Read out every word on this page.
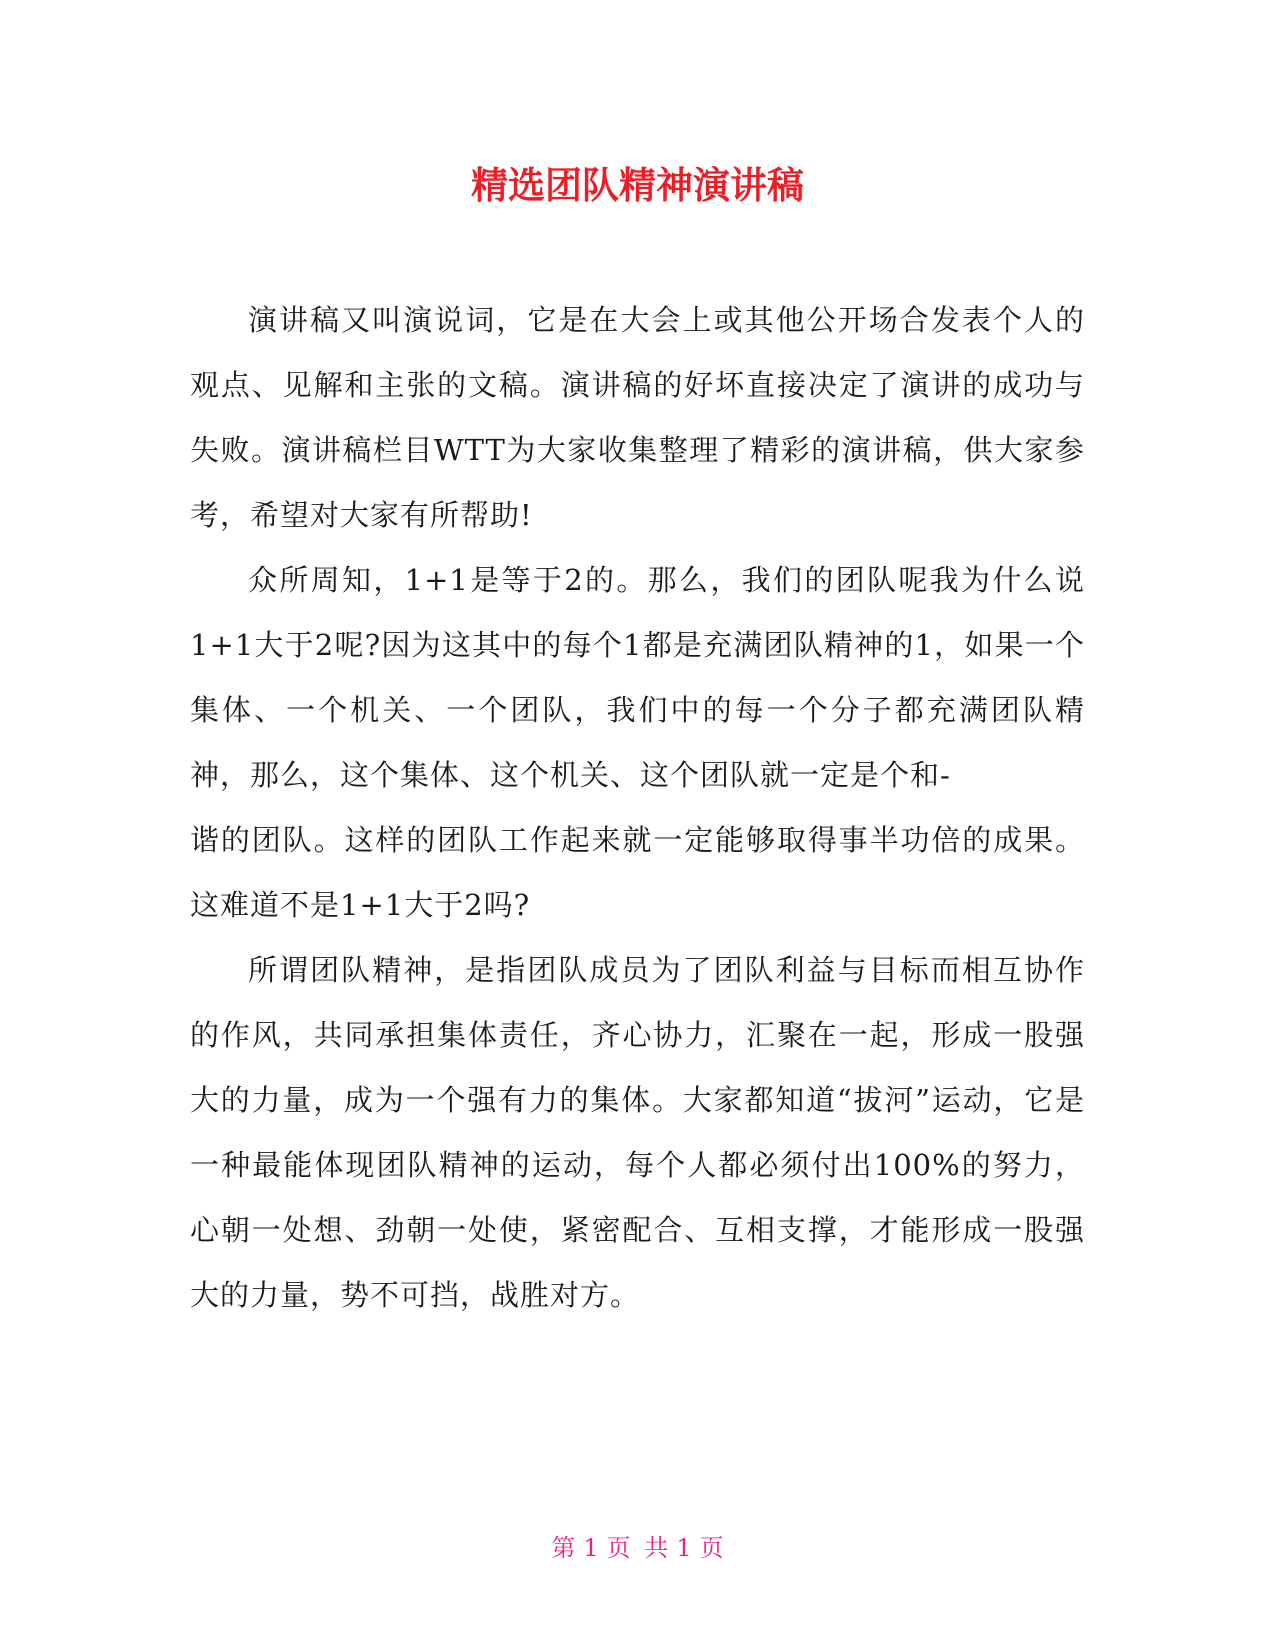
精选团队精神演讲稿

演讲稿又叫演说词，它是在大会上或其他公开场合发表个人的观点、见解和主张的文稿。演讲稿的好坏直接决定了演讲的成功与失败。演讲稿栏目WTT为大家收集整理了精彩的演讲稿，供大家参考，希望对大家有所帮助!

众所周知，1+1是等于2的。那么，我们的团队呢我为什么说1+1大于2呢?因为这其中的每个1都是充满团队精神的1，如果一个集体、一个机关、一个团队，我们中的每一个分子都充满团队精神，那么，这个集体、这个机关、这个团队就一定是个和-

谐的团队。这样的团队工作起来就一定能够取得事半功倍的成果。这难道不是1+1大于2吗?

所谓团队精神，是指团队成员为了团队利益与目标而相互协作的作风，共同承担集体责任，齐心协力，汇聚在一起，形成一股强大的力量，成为一个强有力的集体。大家都知道“拔河”运动，它是一种最能体现团队精神的运动，每个人都必须付出100%的努力，心朝一处想、劲朝一处使，紧密配合、互相支撑，才能形成一股强大的力量，势不可挡，战胜对方。

第 1 页 共 1 页
